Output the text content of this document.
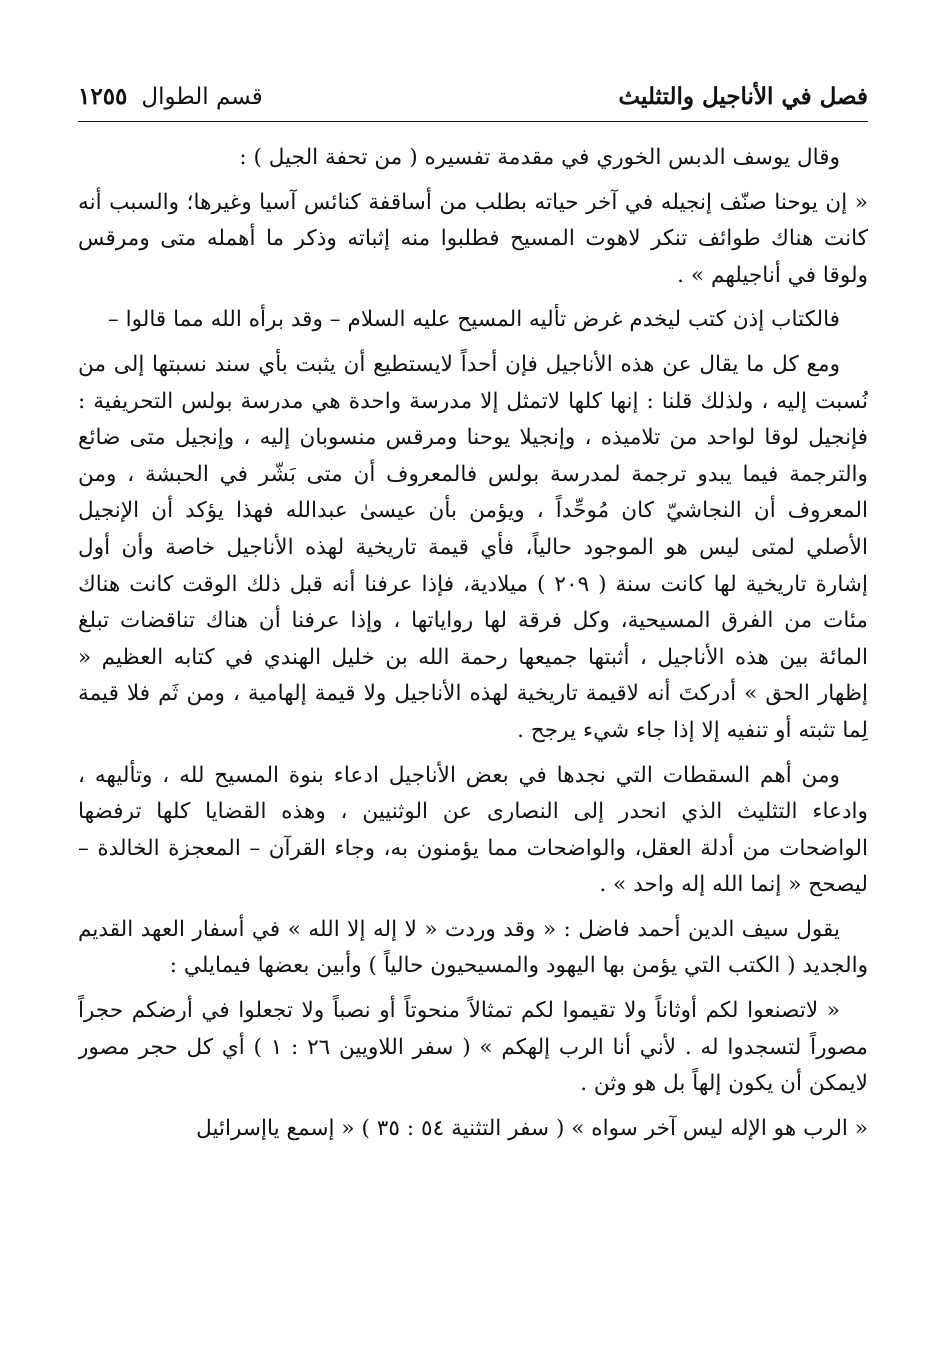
فصل في الأناجيل والتثليث
قسم الطوال
١٢٥٥

وقال يوسف الدبس الخوري في مقدمة تفسيره ( من تحفة الجيل ) :

« إن يوحنا صنّف إنجيله في آخر حياته بطلب من أساقفة كنائس آسيا وغيرها؛ والسبب أنه كانت هناك طوائف تنكر لاهوت المسيح فطلبوا منه إثباته وذكر ما أهمله متى ومرقس ولوقا في أناجيلهم » .

فالكتاب إذن كتب ليخدم غرض تأليه المسيح عليه السلام – وقد برأه الله مما قالوا –

ومع كل ما يقال عن هذه الأناجيل فإن أحداً لايستطيع أن يثبت بأي سند نسبتها إلى من نُسبت إليه ، ولذلك قلنا : إنها كلها لاتمثل إلا مدرسة واحدة هي مدرسة بولس التحريفية : فإنجيل لوقا لواحد من تلاميذه ، وإنجيلا يوحنا ومرقس منسوبان إليه ، وإنجيل متى ضائع والترجمة فيما يبدو ترجمة لمدرسة بولس فالمعروف أن متى بَشّر في الحبشة ، ومن المعروف أن النجاشيّ كان مُوحِّداً ، ويؤمن بأن عيسىٰ عبدالله فهذا يؤكد أن الإنجيل الأصلي لمتى ليس هو الموجود حالياً، فأي قيمة تاريخية لهذه الأناجيل خاصة وأن أول إشارة تاريخية لها كانت سنة ( ٢٠٩ ) ميلادية، فإذا عرفنا أنه قبل ذلك الوقت كانت هناك مئات من الفرق المسيحية، وكل فرقة لها رواياتها ، وإذا عرفنا أن هناك تناقضات تبلغ المائة بين هذه الأناجيل ، أثبتها جميعها رحمة الله بن خليل الهندي في كتابه العظيم « إظهار الحق » أدركتَ أنه لاقيمة تاريخية لهذه الأناجيل ولا قيمة إلهامية ، ومن ثَم فلا قيمة لِما تثبته أو تنفيه إلا إذا جاء شيء يرجح .

ومن أهم السقطات التي نجدها في بعض الأناجيل ادعاء بنوة المسيح لله ، وتأليهه ، وادعاء التثليث الذي انحدر إلى النصارى عن الوثنيين ، وهذه القضايا كلها ترفضها الواضحات من أدلة العقل، والواضحات مما يؤمنون به، وجاء القرآن – المعجزة الخالدة – ليصحح « إنما الله إله واحد » .

يقول سيف الدين أحمد فاضل : « وقد وردت « لا إله إلا الله » في أسفار العهد القديم والجديد ( الكتب التي يؤمن بها اليهود والمسيحيون حالياً ) وأبين بعضها فيمايلي :

« لاتصنعوا لكم أوثاناً ولا تقيموا لكم تمثالاً منحوتاً أو نصباً ولا تجعلوا في أرضكم حجراً مصوراً لتسجدوا له . لأني أنا الرب إلهكم » ( سفر اللاويين ٢٦ : ١ ) أي كل حجر مصور لايمكن أن يكون إلهاً بل هو وثن .

« الرب هو الإله ليس آخر سواه » ( سفر التثنية ٥٤ : ٣٥ ) « إسمع ياإسرائيل
